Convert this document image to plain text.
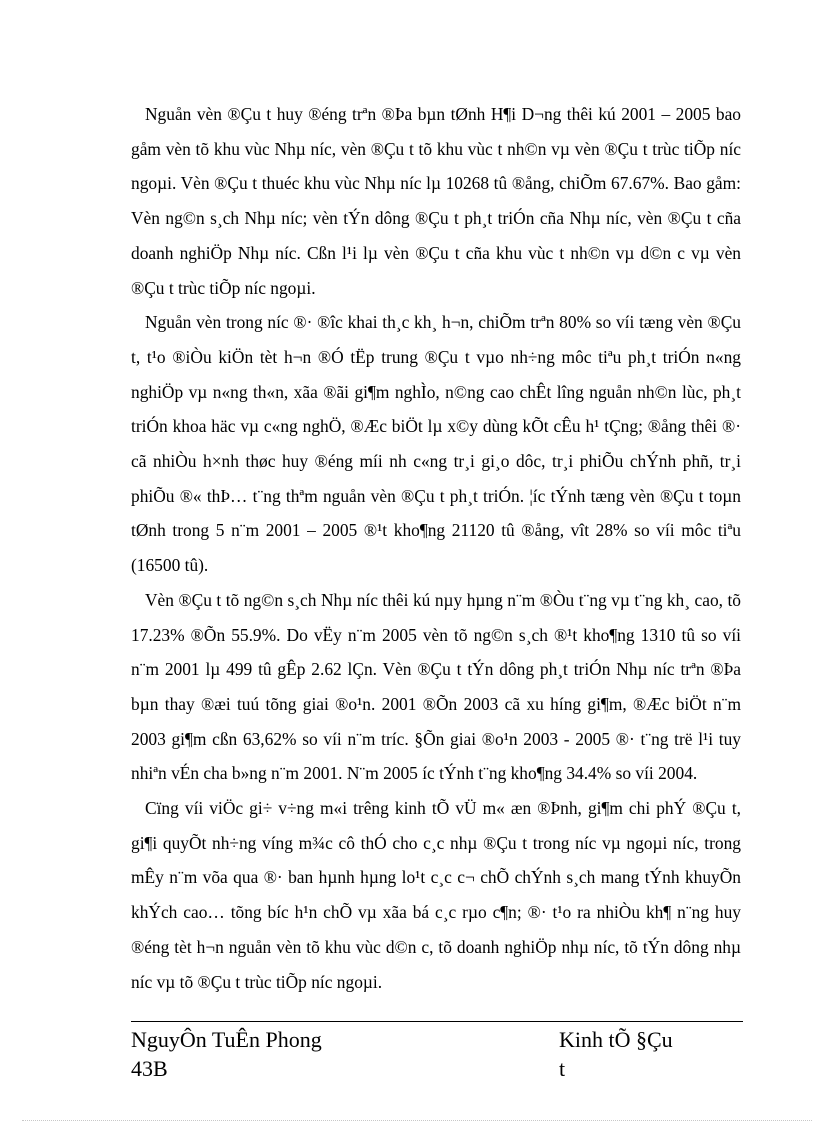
Nguån vèn ®Çu t huy ®éng trªn ®Þa bµn tØnh H¶i D¬ng thêi kú 2001 – 2005 bao gåm vèn tõ khu vùc Nhµ níc, vèn ®Çu t tõ khu vùc t nh©n vµ vèn ®Çu t trùc tiÕp níc ngoµi. Vèn ®Çu t thuéc khu vùc Nhµ níc lµ 10268 tû ®ång, chiÕm 67.67%. Bao gåm: Vèn ng©n s¸ch Nhµ níc; vèn tÝn dông ®Çu t ph¸t triÓn cña Nhµ níc, vèn ®Çu t cña doanh nghiÖp Nhµ níc. Cßn l¹i lµ vèn ®Çu t cña khu vùc t nh©n vµ d©n c vµ vèn ®Çu t trùc tiÕp níc ngoµi.

Nguån vèn trong níc ®· ®îc khai th¸c kh¸ h¬n, chiÕm trªn 80% so víi tæng vèn ®Çu t, t¹o ®iÒu kiÖn tèt h¬n ®Ó tËp trung ®Çu t vµo nh÷ng môc tiªu ph¸t triÓn n«ng nghiÖp vµ n«ng th«n, xãa ®ãi gi¶m nghÌo, n©ng cao chÊt lîng nguån nh©n lùc, ph¸t triÓn khoa häc vµ c«ng nghÖ, ®Æc biÖt lµ x©y dùng kÕt cÊu h¹ tÇng; ®ång thêi ®· cã nhiÒu h×nh thøc huy ®éng míi nh c«ng tr¸i gi¸o dôc, tr¸i phiÕu chÝnh phñ, tr¸i phiÕu ®« thÞ… t¨ng thªm nguån vèn ®Çu t ph¸t triÓn. ¦íc tÝnh tæng vèn ®Çu t toµn tØnh trong 5 n¨m 2001 – 2005 ®¹t kho¶ng 21120 tû ®ång, vît 28% so víi môc tiªu (16500 tû).

Vèn ®Çu t tõ ng©n s¸ch Nhµ níc thêi kú nµy hµng n¨m ®Òu t¨ng vµ t¨ng kh¸ cao, tõ 17.23% ®Õn 55.9%. Do vËy n¨m 2005 vèn tõ ng©n s¸ch ®¹t kho¶ng 1310 tû so víi n¨m 2001 lµ 499 tû gÊp 2.62 lÇn. Vèn ®Çu t tÝn dông ph¸t triÓn Nhµ níc trªn ®Þa bµn thay ®æi tuú tõng giai ®o¹n. 2001 ®Õn 2003 cã xu híng gi¶m, ®Æc biÖt n¨m 2003 gi¶m cßn 63,62% so víi n¨m tríc. §Õn giai ®o¹n 2003 - 2005 ®· t¨ng trë l¹i tuy nhiªn vÉn cha b»ng n¨m 2001. N¨m 2005 íc tÝnh t¨ng kho¶ng 34.4% so víi 2004.

Cïng víi viÖc gi÷ v÷ng m«i trêng kinh tÕ vÜ m« æn ®Þnh, gi¶m chi phÝ ®Çu t, gi¶i quyÕt nh÷ng víng m¾c cô thÓ cho c¸c nhµ ®Çu t trong níc vµ ngoµi níc, trong mÊy n¨m võa qua ®· ban hµnh hµng lo¹t c¸c c¬ chÕ chÝnh s¸ch mang tÝnh khuyÕn khÝch cao… tõng bíc h¹n chÕ vµ xãa bá c¸c rµo c¶n; ®· t¹o ra nhiÒu kh¶ n¨ng huy ®éng tèt h¬n nguån vèn tõ khu vùc d©n c, tõ doanh nghiÖp nhµ níc, tõ tÝn dông nhµ níc vµ tõ ®Çu t trùc tiÕp níc ngoµi.

NguyÔn TuÊn Phong
43B
Kinh tÕ §Çu t
